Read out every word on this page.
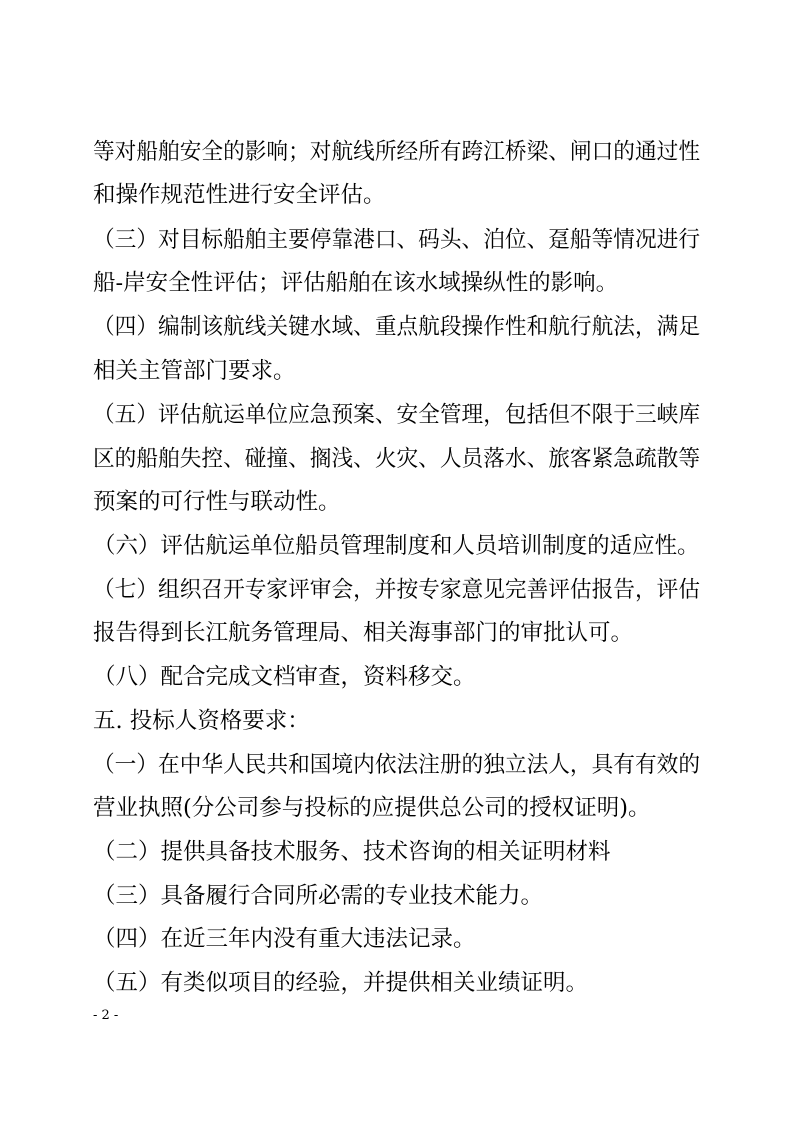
等对船舶安全的影响；对航线所经所有跨江桥梁、闸口的通过性
和操作规范性进行安全评估。
（三）对目标船舶主要停靠港口、码头、泊位、趸船等情况进行
船-岸安全性评估；评估船舶在该水域操纵性的影响。
（四）编制该航线关键水域、重点航段操作性和航行航法，满足
相关主管部门要求。
（五）评估航运单位应急预案、安全管理，包括但不限于三峡库
区的船舶失控、碰撞、搁浅、火灾、人员落水、旅客紧急疏散等
预案的可行性与联动性。
（六）评估航运单位船员管理制度和人员培训制度的适应性。
（七）组织召开专家评审会，并按专家意见完善评估报告，评估
报告得到长江航务管理局、相关海事部门的审批认可。
（八）配合完成文档审查，资料移交。
五. 投标人资格要求：
（一）在中华人民共和国境内依法注册的独立法人，具有有效的
营业执照(分公司参与投标的应提供总公司的授权证明)。
（二）提供具备技术服务、技术咨询的相关证明材料
（三）具备履行合同所必需的专业技术能力。
（四）在近三年内没有重大违法记录。
（五）有类似项目的经验，并提供相关业绩证明。
- 2 -
